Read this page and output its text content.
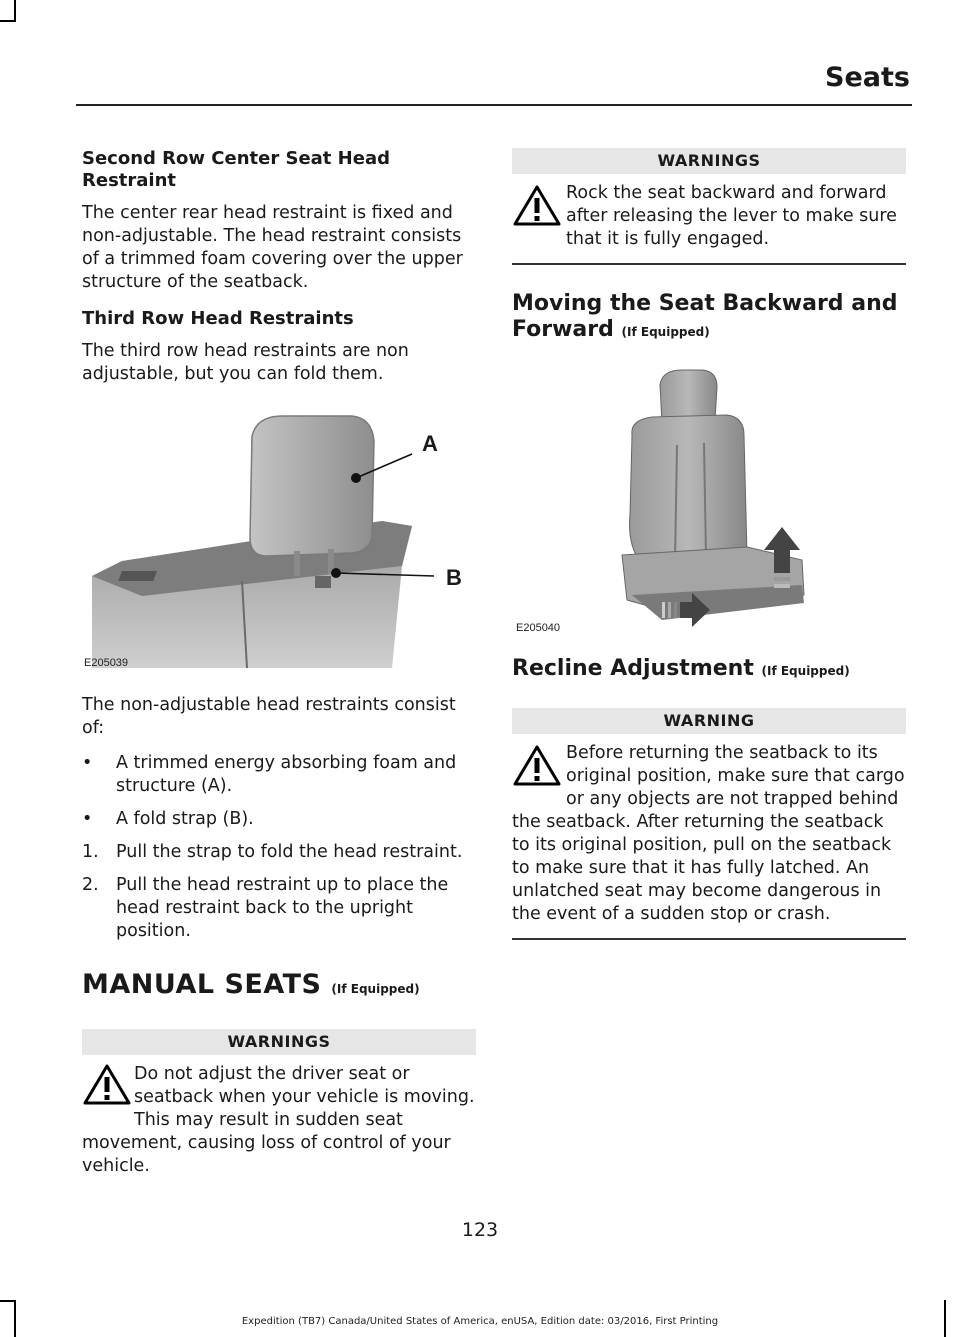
Seats
Second Row Center Seat Head Restraint

The center rear head restraint is fixed and non-adjustable. The head restraint consists of a trimmed foam covering over the upper structure of the seatback.

Third Row Head Restraints

The third row head restraints are non adjustable, but you can fold them.

A
B
E205039

The non-adjustable head restraints consist of:

• A trimmed energy absorbing foam and structure (A).
• A fold strap (B).
1. Pull the strap to fold the head restraint.
2. Pull the head restraint up to place the head restraint back to the upright position.
MANUAL SEATS (If Equipped)
WARNINGS
Do not adjust the driver seat or seatback when your vehicle is moving. This may result in sudden seat movement, causing loss of control of your vehicle.
WARNINGS
Rock the seat backward and forward after releasing the lever to make sure that it is fully engaged.
Moving the Seat Backward and Forward (If Equipped)
E205040
Recline Adjustment (If Equipped)
WARNING
Before returning the seatback to its original position, make sure that cargo or any objects are not trapped behind the seatback. After returning the seatback to its original position, pull on the seatback to make sure that it has fully latched. An unlatched seat may become dangerous in the event of a sudden stop or crash.
123
Expedition (TB7) Canada/United States of America, enUSA, Edition date: 03/2016, First Printing
